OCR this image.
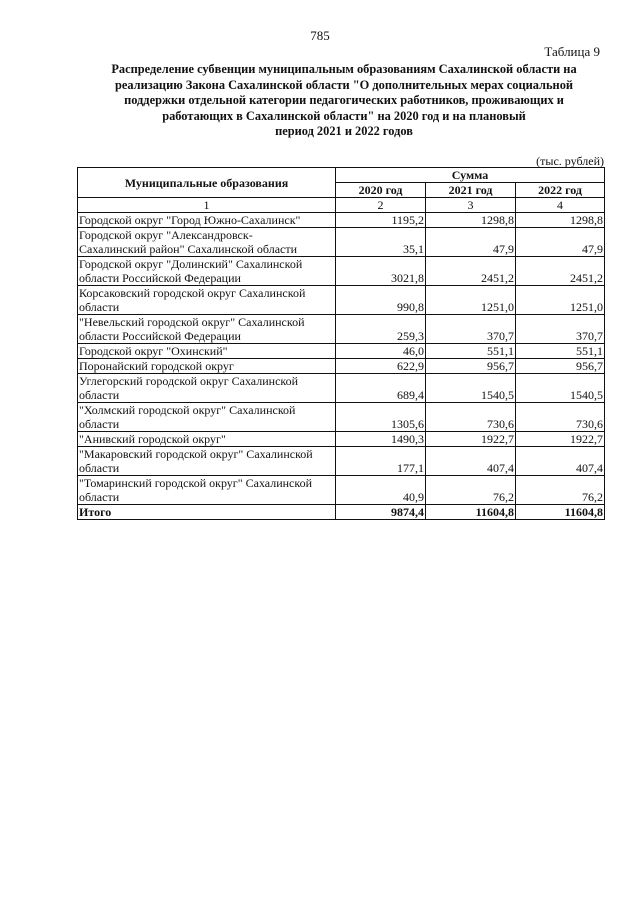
785
Таблица 9
Распределение субвенции муниципальным образованиям Сахалинской области на
реализацию Закона Сахалинской области "О дополнительных мерах социальной
поддержки отдельной категории педагогических работников, проживающих и
работающих в Сахалинской области" на 2020 год и на плановый
период 2021 и 2022 годов
(тыс. рублей)
Муниципальные образования	Сумма		
	2020 год	2021 год	2022 год
1	2	3	4

Городской округ "Город Южно-Сахалинск"	1195,2	1298,8	1298,8

Городской округ "Александровск-
Сахалинский район" Сахалинской области	35,1	47,9	47,9

Городской округ "Долинский" Сахалинской
области Российской Федерации	3021,8	2451,2	2451,2

Корсаковский городской округ Сахалинской
области	990,8	1251,0	1251,0

"Невельский городской округ" Сахалинской
области Российской Федерации	259,3	370,7	370,7

Городской округ "Охинский"	46,0	551,1	551,1

Поронайский городской округ	622,9	956,7	956,7

Углегорский городской округ Сахалинской
области	689,4	1540,5	1540,5

"Холмский городской округ" Сахалинской
области	1305,6	730,6	730,6

"Анивский городской округ"	1490,3	1922,7	1922,7

"Макаровский городской округ" Сахалинской
области	177,1	407,4	407,4

"Томаринский городской округ" Сахалинской
области	40,9	76,2	76,2
Итого	9874,4	11604,8	11604,8
